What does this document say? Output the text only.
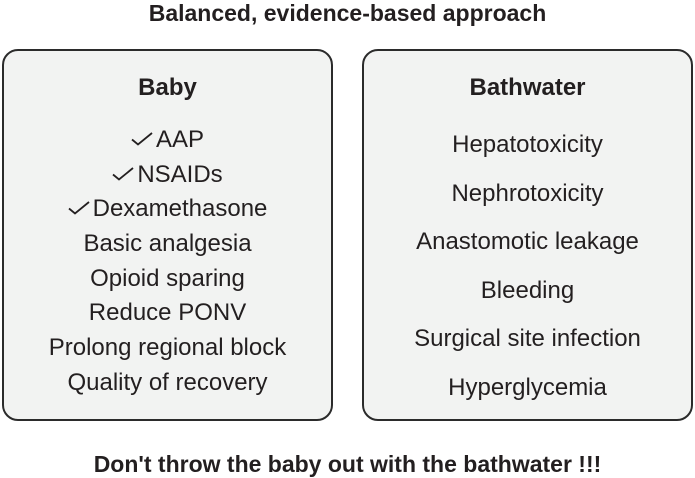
Balanced, evidence-based approach
Baby
AAP
NSAIDs
Dexamethasone
Basic analgesia
Opioid sparing
Reduce PONV
Prolong regional block
Quality of recovery
Bathwater
Hepatotoxicity
Nephrotoxicity
Anastomotic leakage
Bleeding
Surgical site infection
Hyperglycemia
Don't throw the baby out with the bathwater !!!
